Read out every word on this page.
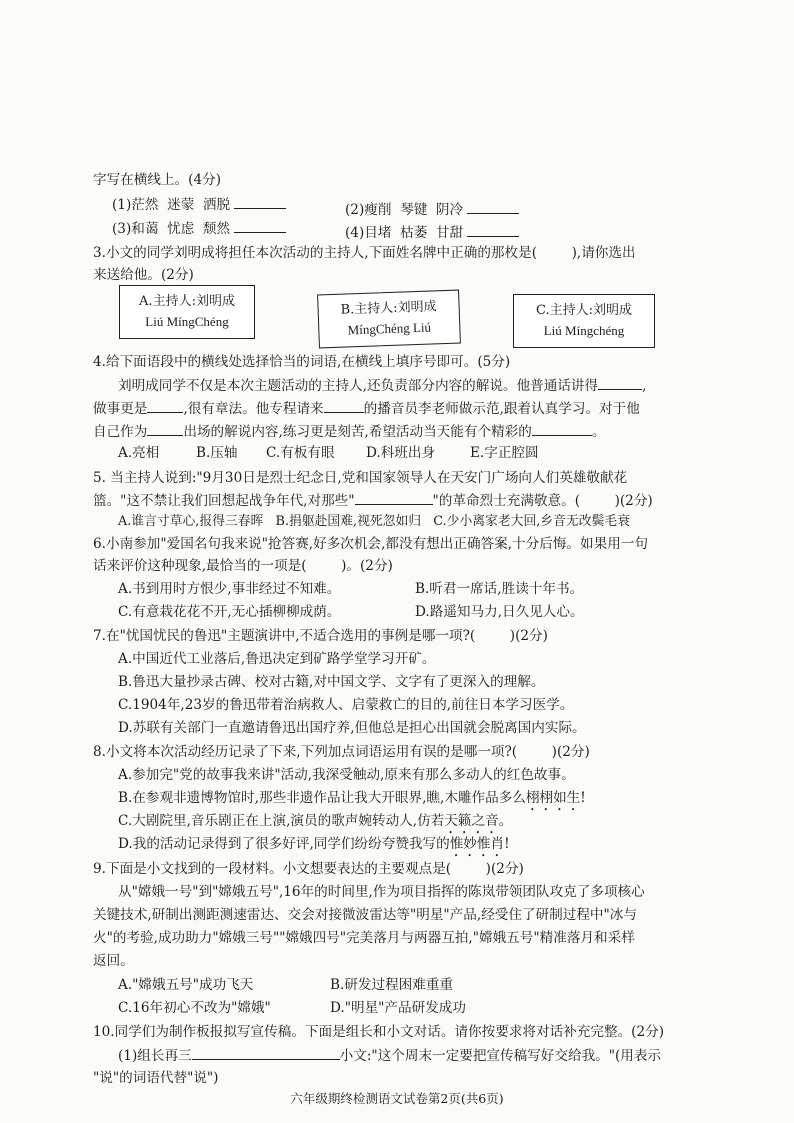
字写在横线上。(4分)
(1)茫然  迷蒙  洒脱	(2)瘦削  琴键  阴冷
(3)和蔼  忧虑  颓然	(4)目堵  枯萎  甘甜
3.小文的同学刘明成将担任本次活动的主持人,下面姓名牌中正确的那枚是(        ),请你选出
来送给他。(2分)
A.主持人:刘明成
Liú MíngChéng
B.主持人:刘明成
MíngChéng Liú
C.主持人:刘明成
Liú Míngchéng
4.给下面语段中的横线处选择恰当的词语,在横线上填序号即可。(5分)
刘明成同学不仅是本次主题活动的主持人,还负责部分内容的解说。他普通话讲得	,
做事更是	,很有章法。他专程请来	的播音员李老师做示范,跟着认真学习。对于他
自己作为	出场的解说内容,练习更是刻苦,希望活动当天能有个精彩的	。
A.亮相	B.压轴 C.有板有眼 D.科班出身	E.字正腔圆
5. 当主持人说到:"9月30日是烈士纪念日,党和国家领导人在天安门广场向人们英雄敬献花
篮。"这不禁让我们回想起战争年代,对那些"	"的革命烈士充满敬意。(        )(2分)
A.谁言寸草心,报得三春晖   B.捐躯赴国难,视死忽如归   C.少小离家老大回,乡音无改鬓毛衰
6.小南参加"爱国名句我来说"抢答赛,好多次机会,都没有想出正确答案,十分后悔。如果用一句
话来评价这种现象,最恰当的一项是(        )。(2分)
A.书到用时方恨少,事非经过不知难。	B.听君一席话,胜读十年书。
C.有意栽花花不开,无心插柳柳成荫。	D.路遥知马力,日久见人心。
7.在"忧国忧民的鲁迅"主题演讲中,不适合选用的事例是哪一项?(        )(2分)
A.中国近代工业落后,鲁迅决定到矿路学堂学习开矿。
B.鲁迅大量抄录古碑、校对古籍,对中国文学、文字有了更深入的理解。
C.1904年,23岁的鲁迅带着治病救人、启蒙救亡的目的,前往日本学习医学。
D.苏联有关部门一直邀请鲁迅出国疗养,但他总是担心出国就会脱离国内实际。
8.小文将本次活动经历记录了下来,下列加点词语运用有误的是哪一项?(        )(2分)
A.参加完"党的故事我来讲"活动,我深受触动,原来有那么多动人的红色故事。
B.在参观非遗博物馆时,那些非遗作品让我大开眼界,瞧,木雕作品多么栩栩如生!
C.大剧院里,音乐剧正在上演,演员的歌声婉转动人,仿若天籁之音。
D.我的活动记录得到了很多好评,同学们纷纷夸赞我写的惟妙惟肖!
9.下面是小文找到的一段材料。小文想要表达的主要观点是(        )(2分)
从"嫦娥一号"到"嫦娥五号",16年的时间里,作为项目指挥的陈岚带领团队攻克了多项核心
关键技术,研制出测距测速雷达、交会对接微波雷达等"明星"产品,经受住了研制过程中"冰与
火"的考验,成功助力"嫦娥三号""嫦娥四号"完美落月与两器互拍,"嫦娥五号"精准落月和采样
返回。
A."嫦娥五号"成功飞天	B.研发过程困难重重
C.16年初心不改为"嫦娥"	D."明星"产品研发成功
10.同学们为制作板报拟写宣传稿。下面是组长和小文对话。请你按要求将对话补充完整。(2分)
(1)组长再三	小文:"这个周末一定要把宣传稿写好交给我。"(用表示
"说"的词语代替"说")
六年级期终检测语文试卷第2页(共6页)
